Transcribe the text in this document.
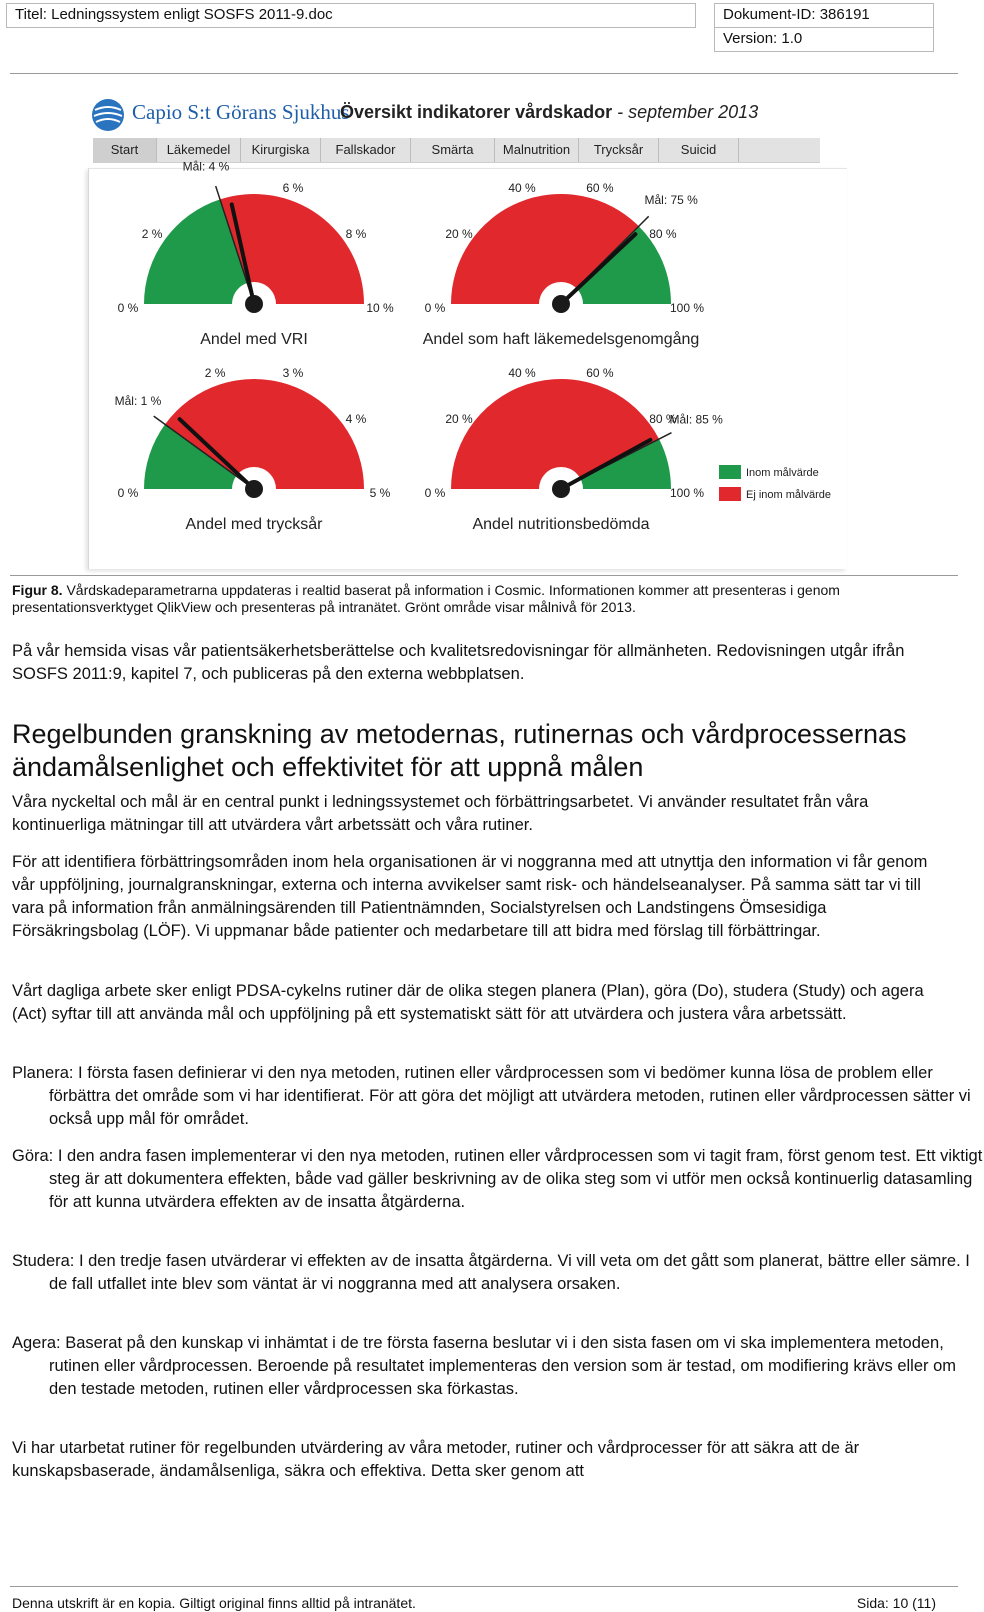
Titel: Ledningssystem enligt SOSFS 2011-9.doc	Dokument-ID: 386191
Version: 1.0
Capio S:t Görans Sjukhus
Översikt indikatorer vårdskador - september 2013
Start	Läkemedel	Kirurgiska	Fallskador	Smärta	Malnutrition	Trycksår	Suicid
0 %
2 %
6 %
8 %
10 %
Mål: 4 %
Andel med VRI
0 %
20 %
40 %	60 %
80 %
100 %
Mål: 75 %
Andel som haft läkemedelsgenomgång
0 %
2 %	3 %
4 %
5 %
Mål: 1 %
Andel med trycksår
0 %
20 %
40 %	60 %
80 %
100 %
Mål: 85 %
Andel nutritionsbedömda
Inom målvärde
Ej inom målvärde
Figur 8. Vårdskadeparametrarna uppdateras i realtid baserat på information i Cosmic. Informationen kommer att presenteras i genom presentationsverktyget QlikView och presenteras på intranätet. Grönt område visar målnivå för 2013.
På vår hemsida visas vår patientsäkerhetsberättelse och kvalitetsredovisningar för allmänheten. Redovisningen utgår ifrån SOSFS 2011:9, kapitel 7, och publiceras på den externa webbplatsen.
Regelbunden granskning av metodernas, rutinernas och vårdprocessernas ändamålsenlighet och effektivitet för att uppnå målen
Våra nyckeltal och mål är en central punkt i ledningssystemet och förbättringsarbetet. Vi använder resultatet från våra kontinuerliga mätningar till att utvärdera vårt arbetssätt och våra rutiner.
För att identifiera förbättringsområden inom hela organisationen är vi noggranna med att utnyttja den information vi får genom vår uppföljning, journalgranskningar, externa och interna avvikelser samt risk- och händelseanalyser. På samma sätt tar vi till vara på information från anmälningsärenden till Patientnämnden, Socialstyrelsen och Landstingens Ömsesidiga Försäkringsbolag (LÖF). Vi uppmanar både patienter och medarbetare till att bidra med förslag till förbättringar.
Vårt dagliga arbete sker enligt PDSA-cykelns rutiner där de olika stegen planera (Plan), göra (Do), studera (Study) och agera (Act) syftar till att använda mål och uppföljning på ett systematiskt sätt för att utvärdera och justera våra arbetssätt.
Planera: I första fasen definierar vi den nya metoden, rutinen eller vårdprocessen som vi bedömer kunna lösa de problem eller förbättra det område som vi har identifierat. För att göra det möjligt att utvärdera metoden, rutinen eller vårdprocessen sätter vi också upp mål för området.
Göra: I den andra fasen implementerar vi den nya metoden, rutinen eller vårdprocessen som vi tagit fram, först genom test. Ett viktigt steg är att dokumentera effekten, både vad gäller beskrivning av de olika steg som vi utför men också kontinuerlig datasamling för att kunna utvärdera effekten av de insatta åtgärderna.
Studera: I den tredje fasen utvärderar vi effekten av de insatta åtgärderna. Vi vill veta om det gått som planerat, bättre eller sämre. I de fall utfallet inte blev som väntat är vi noggranna med att analysera orsaken.
Agera: Baserat på den kunskap vi inhämtat i de tre första faserna beslutar vi i den sista fasen om vi ska implementera metoden, rutinen eller vårdprocessen. Beroende på resultatet implementeras den version som är testad, om modifiering krävs eller om den testade metoden, rutinen eller vårdprocessen ska förkastas.
Vi har utarbetat rutiner för regelbunden utvärdering av våra metoder, rutiner och vårdprocesser för att säkra att de är kunskapsbaserade, ändamålsenliga, säkra och effektiva. Detta sker genom att
Denna utskrift är en kopia. Giltigt original finns alltid på intranätet.	Sida: 10 (11)
